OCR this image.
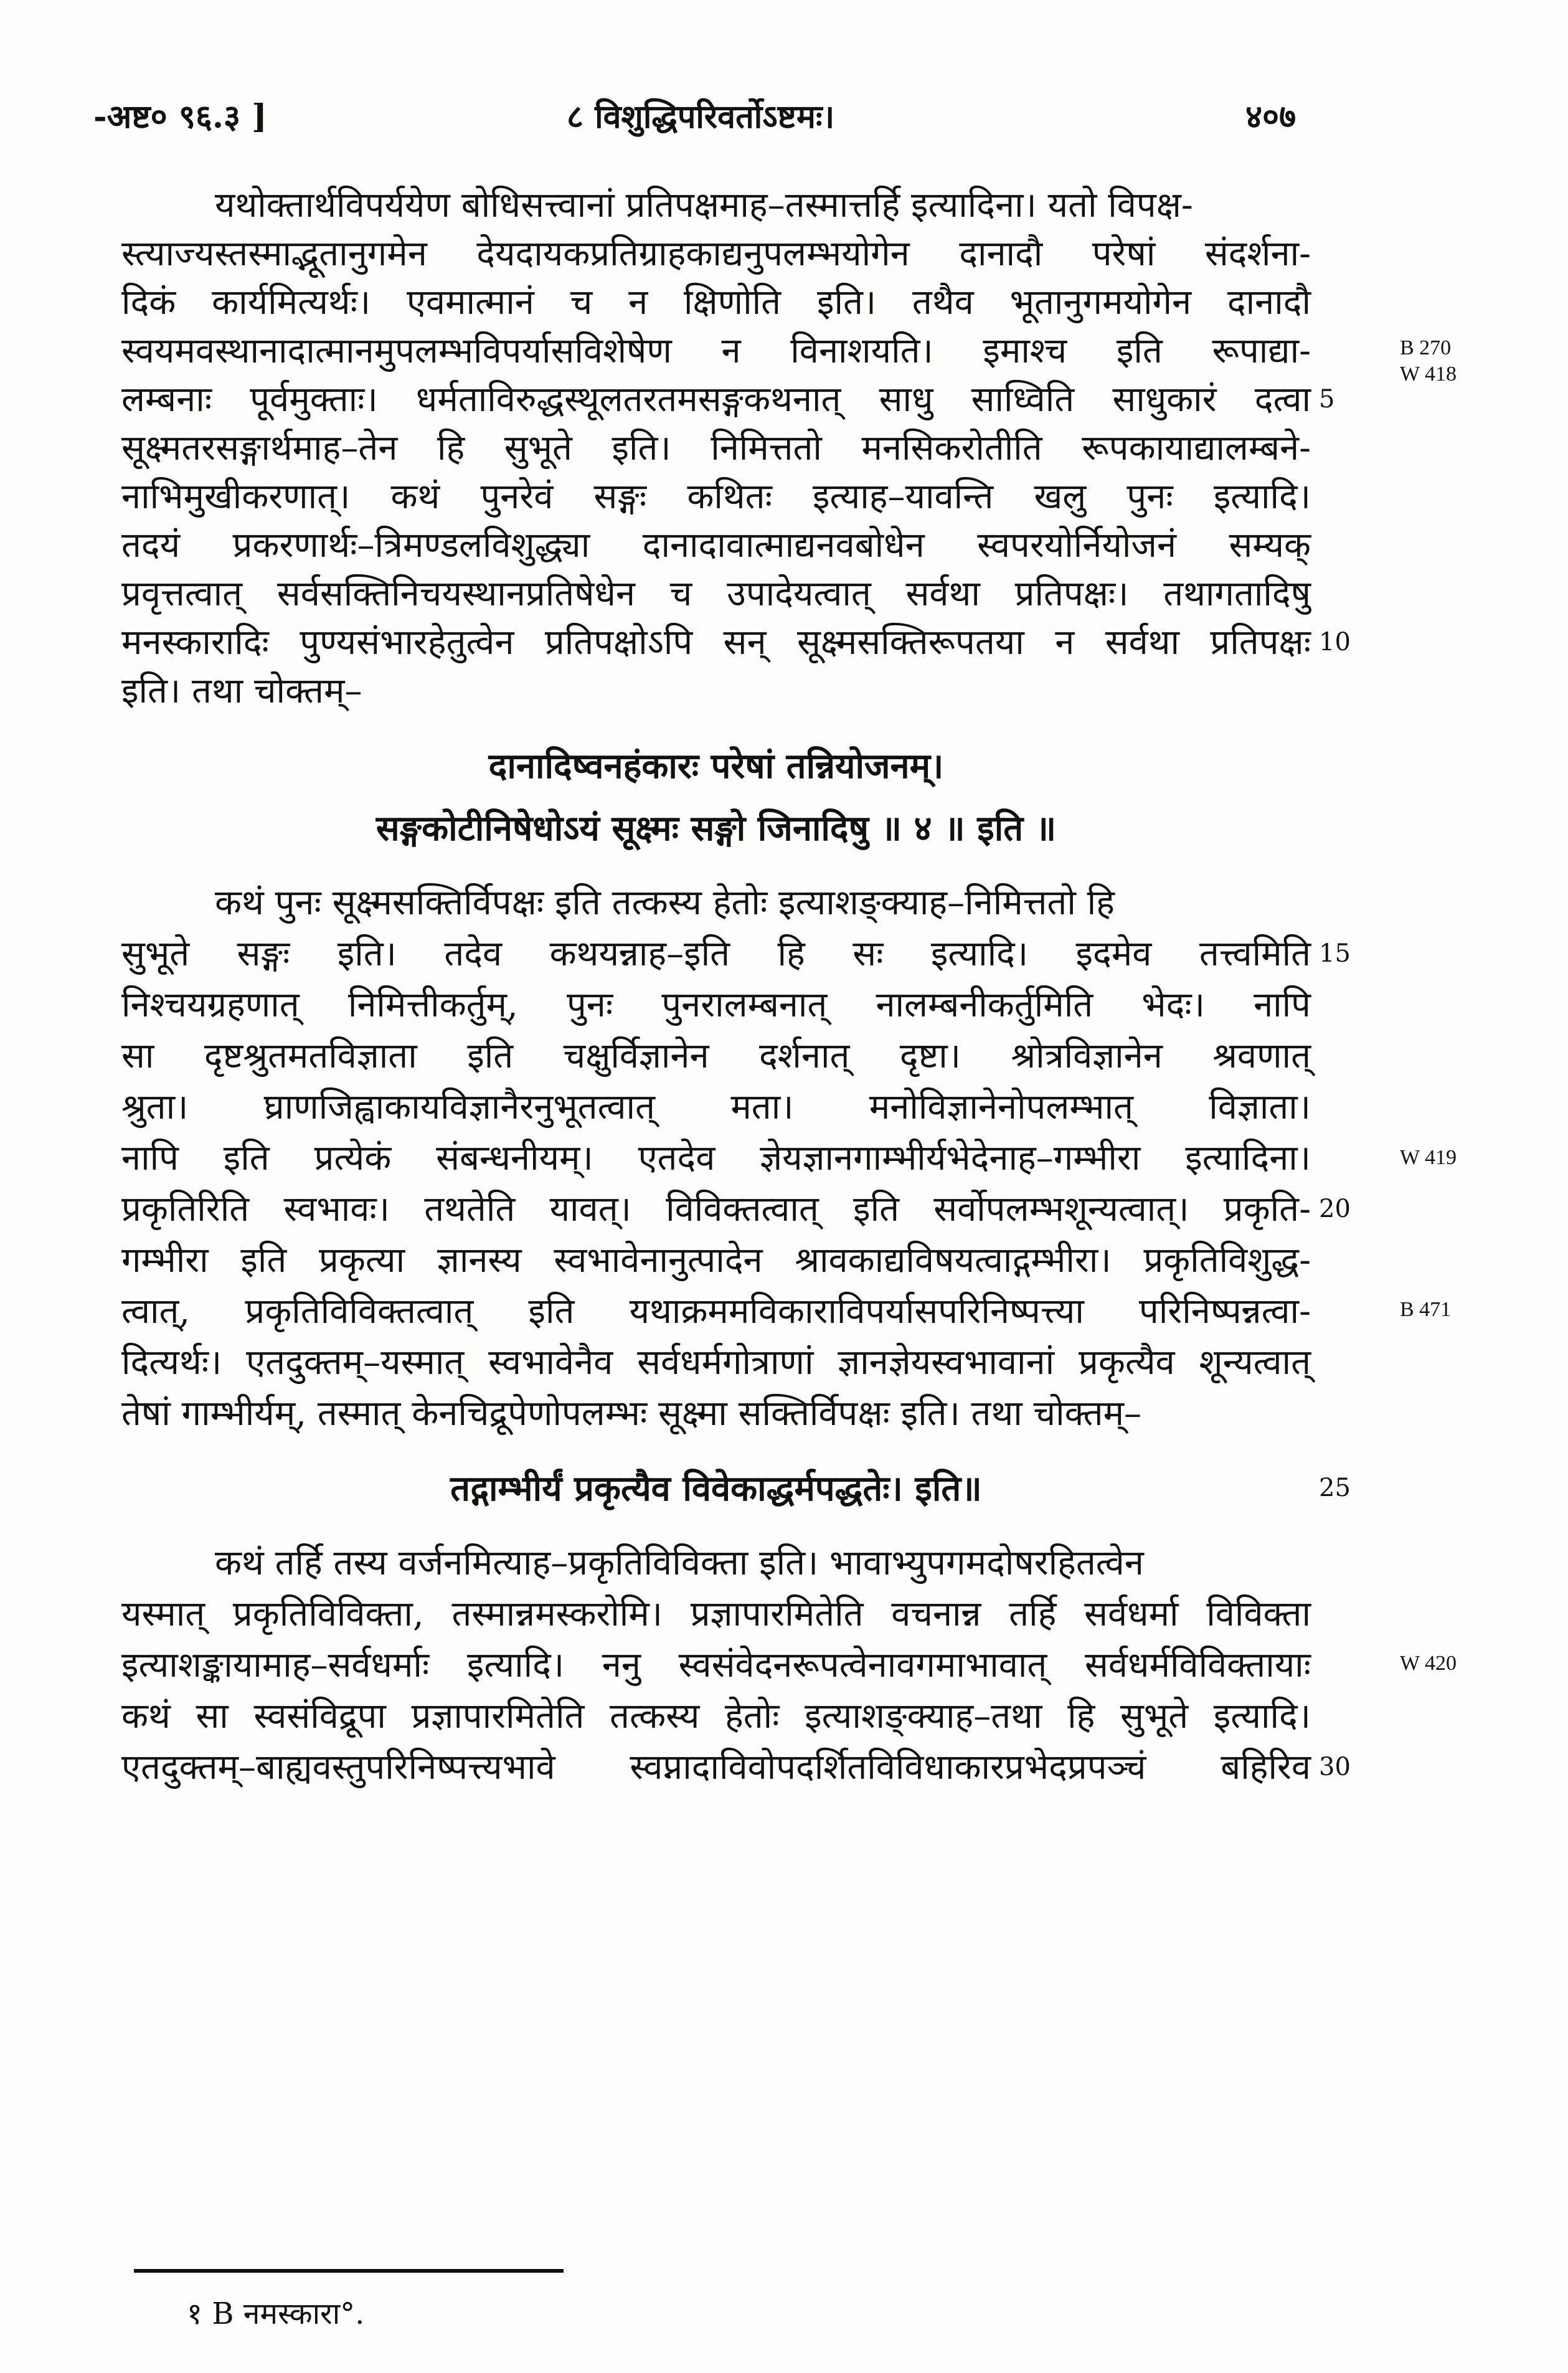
-अष्ट० ९६.३ ]	८ विशुद्धिपरिवर्तोऽष्टमः।	४०७
यथोक्तार्थविपर्ययेण बोधिसत्त्वानां प्रतिपक्षमाह–तस्मात्तर्हि इत्यादिना। यतो विपक्ष-
स्त्याज्यस्तस्माद्भूतानुगमेन देयदायकप्रतिग्राहकाद्यनुपलम्भयोगेन दानादौ परेषां संदर्शना-
दिकं कार्यमित्यर्थः। एवमात्मानं च न क्षिणोति इति। तथैव भूतानुगमयोगेन दानादौ
स्वयमवस्थानादात्मानमुपलम्भविपर्यासविशेषेण न विनाशयति। इमाश्च इति रूपाद्या-
लम्बनाः पूर्वमुक्ताः। धर्मताविरुद्धस्थूलतरतमसङ्गकथनात् साधु साध्विति साधुकारं दत्वा
सूक्ष्मतरसङ्गार्थमाह–तेन हि सुभूते इति। निमित्ततो मनसिकरोतीति रूपकायाद्यालम्बने-
नाभिमुखीकरणात्। कथं पुनरेवं सङ्गः कथितः इत्याह–यावन्ति खलु पुनः इत्यादि।
तदयं प्रकरणार्थः–त्रिमण्डलविशुद्ध्या दानादावात्माद्यनवबोधेन स्वपरयोर्नियोजनं सम्यक्
प्रवृत्तत्वात् सर्वसक्तिनिचयस्थानप्रतिषेधेन च उपादेयत्वात् सर्वथा प्रतिपक्षः। तथागतादिषु
मनस्कारादिः पुण्यसंभारहेतुत्वेन प्रतिपक्षोऽपि सन् सूक्ष्मसक्तिरूपतया न सर्वथा प्रतिपक्षः
इति। तथा चोक्तम्–
दानादिष्वनहंकारः परेषां तन्नियोजनम्।
सङ्गकोटीनिषेधोऽयं सूक्ष्मः सङ्गो जिनादिषु ॥ ४ ॥ इति ॥
कथं पुनः सूक्ष्मसक्तिर्विपक्षः इति तत्कस्य हेतोः इत्याशङ्क्याह–निमित्ततो हि
सुभूते सङ्गः इति। तदेव कथयन्नाह–इति हि सः इत्यादि। इदमेव तत्त्वमिति
निश्चयग्रहणात् निमित्तीकर्तुम्, पुनः पुनरालम्बनात् नालम्बनीकर्तुमिति भेदः। नापि
सा दृष्टश्रुतमतविज्ञाता इति चक्षुर्विज्ञानेन दर्शनात् दृष्टा। श्रोत्रविज्ञानेन श्रवणात्
श्रुता। घ्राणजिह्वाकायविज्ञानैरनुभूतत्वात् मता। मनोविज्ञानेनोपलम्भात् विज्ञाता।
नापि इति प्रत्येकं संबन्धनीयम्। एतदेव ज्ञेयज्ञानगाम्भीर्यभेदेनाह–गम्भीरा इत्यादिना।
प्रकृतिरिति स्वभावः। तथतेति यावत्। विविक्तत्वात् इति सर्वोपलम्भशून्यत्वात्। प्रकृति-
गम्भीरा इति प्रकृत्या ज्ञानस्य स्वभावेनानुत्पादेन श्रावकाद्यविषयत्वाद्गम्भीरा। प्रकृतिविशुद्ध-
त्वात्, प्रकृतिविविक्तत्वात् इति यथाक्रममविकाराविपर्यासपरिनिष्पत्त्या परिनिष्पन्नत्वा-
दित्यर्थः। एतदुक्तम्–यस्मात् स्वभावेनैव सर्वधर्मगोत्राणां ज्ञानज्ञेयस्वभावानां प्रकृत्यैव शून्यत्वात्
तेषां गाम्भीर्यम्, तस्मात् केनचिद्रूपेणोपलम्भः सूक्ष्मा सक्तिर्विपक्षः इति। तथा चोक्तम्–
तद्गाम्भीर्यं प्रकृत्यैव विवेकाद्धर्मपद्धतेः। इति॥
कथं तर्हि तस्य वर्जनमित्याह–प्रकृतिविविक्ता इति। भावाभ्युपगमदोषरहितत्वेन
यस्मात् प्रकृतिविविक्ता, तस्मान्नमस्करोमि। प्रज्ञापारमितेति वचनान्न तर्हि सर्वधर्मा विविक्ता
इत्याशङ्कायामाह–सर्वधर्माः इत्यादि। ननु स्वसंवेदनरूपत्वेनावगमाभावात् सर्वधर्मविविक्तायाः
कथं सा स्वसंविद्रूपा प्रज्ञापारमितेति तत्कस्य हेतोः इत्याशङ्क्याह–तथा हि सुभूते इत्यादि।
एतदुक्तम्–बाह्यवस्तुपरिनिष्पत्त्यभावे स्वप्नादाविवोपदर्शितविविधाकारप्रभेदप्रपञ्चं बहिरिव
5
10
15
20
25
30
B 270
W 418
W 419
B 471
W 420
१ B नमस्कारा°.
